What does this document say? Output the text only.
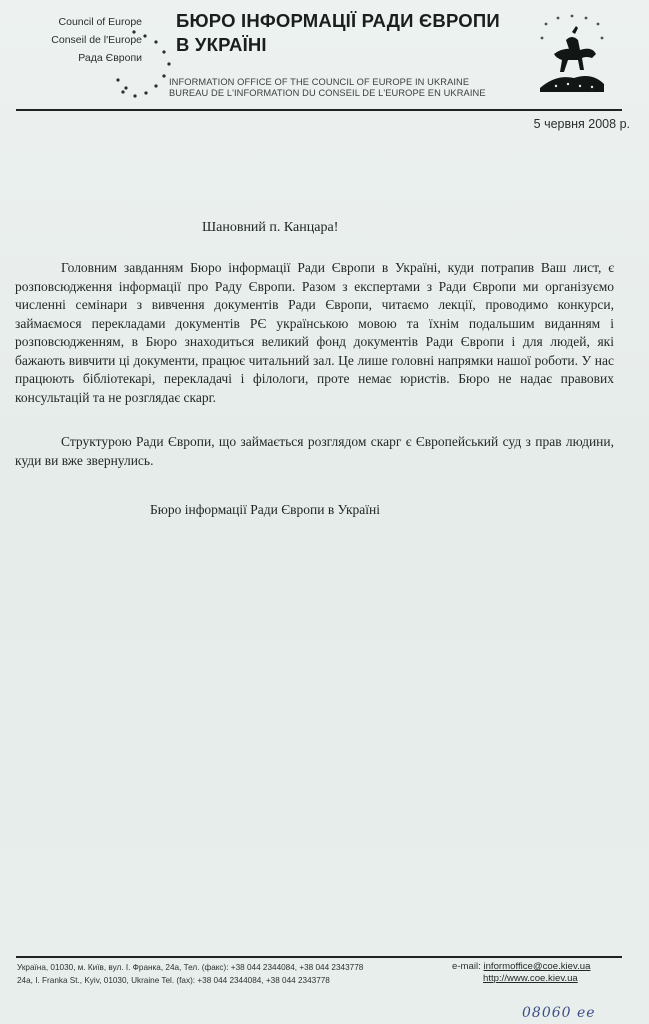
Council of Europe
Conseil de l'Europe
Рада Європи
БЮРО ІНФОРМАЦІЇ РАДИ ЄВРОПИ
В УКРАЇНІ
INFORMATION OFFICE OF THE COUNCIL OF EUROPE IN UKRAINE
BUREAU DE L'INFORMATION DU CONSEIL DE L'EUROPE EN UKRAINE
5 червня 2008 р.
Шановний п. Канцара!

Головним завданням Бюро інформації Ради Європи в Україні, куди потрапив Ваш лист, є розповсюдження інформації про Раду Європи. Разом з експертами з Ради Європи ми організуємо численні семінари з вивчення документів Ради Європи, читаємо лекції, проводимо конкурси, займаємося перекладами документів РЄ українською мовою та їхнім подальшим виданням і розповсюдженням, в Бюро знаходиться великий фонд документів Ради Європи і для людей, які бажають вивчити ці документи, працює читальний зал. Це лише головні напрямки нашої роботи. У нас працюють бібліотекарі, перекладачі і філологи, проте немає юристів. Бюро не надає правових консультацій та не розглядає скарг.

Структурою Ради Європи, що займається розглядом скарг є Європейський суд з прав людини, куди ви вже звернулись.

Бюро інформації Ради Європи в Україні
Україна, 01030, м. Київ, вул. І. Франка, 24а, Тел. (факс): +38 044 2344084, +38 044 2343778
24a, I. Franka St., Kyiv, 01030, Ukraine Tel. (fax): +38 044 2344084, +38 044 2343778
e-mail: informoffice@coe.kiev.ua
http://www.coe.kiev.ua
08060 ee
